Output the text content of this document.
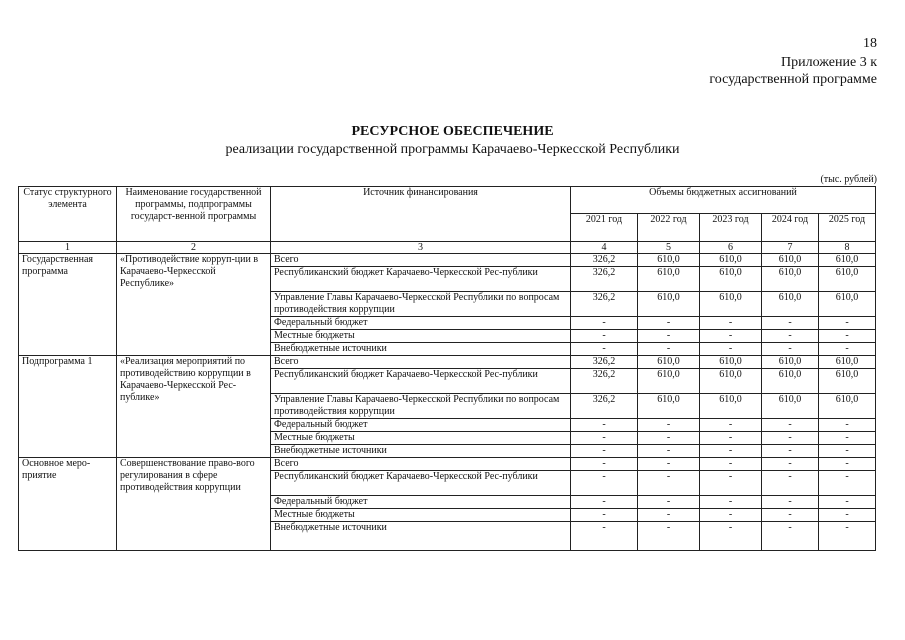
18
Приложение 3 к
государственной программе
РЕСУРСНОЕ ОБЕСПЕЧЕНИЕ
реализации государственной программы Карачаево-Черкесской Республики
(тыс. рублей)
Статус структурного элемента	Наименование государственной программы, подпрограммы государст-венной программы	Источник финансирования	Объемы бюджетных ассигнований				
			2021 год	2022 год	2023 год	2024 год	2025 год
1	2	3	4	5	6	7	8
Государственная программа	«Противодействие корруп-ции в Карачаево-Черкесской Республике»	Всего	326,2	610,0	610,0	610,0	610,0
		Республиканский бюджет Карачаево-Черкесской Рес-публики	326,2	610,0	610,0	610,0	610,0
		Управление Главы Карачаево-Черкесской Республики по вопросам противодействия коррупции	326,2	610,0	610,0	610,0	610,0
		Федеральный бюджет	-	-	-	-	-
		Местные бюджеты	-	-	-	-	-
		Внебюджетные источники	-	-	-	-	-
Подпрограмма 1	«Реализация мероприятий по противодействию коррупции в Карачаево-Черкесской Рес-публике»	Всего	326,2	610,0	610,0	610,0	610,0
		Республиканский бюджет Карачаево-Черкесской Рес-публики	326,2	610,0	610,0	610,0	610,0
		Управление Главы Карачаево-Черкесской Республики по вопросам противодействия коррупции	326,2	610,0	610,0	610,0	610,0
		Федеральный бюджет	-	-	-	-	-
		Местные бюджеты	-	-	-	-	-
		Внебюджетные источники	-	-	-	-	-
Основное меро-приятие	Совершенствование право-вого регулирования в сфере противодействия коррупции	Всего	-	-	-	-	-
		Республиканский бюджет Карачаево-Черкесской Рес-публики	-	-	-	-	-
		Федеральный бюджет	-	-	-	-	-
		Местные бюджеты	-	-	-	-	-
		Внебюджетные источники	-	-	-	-	-
